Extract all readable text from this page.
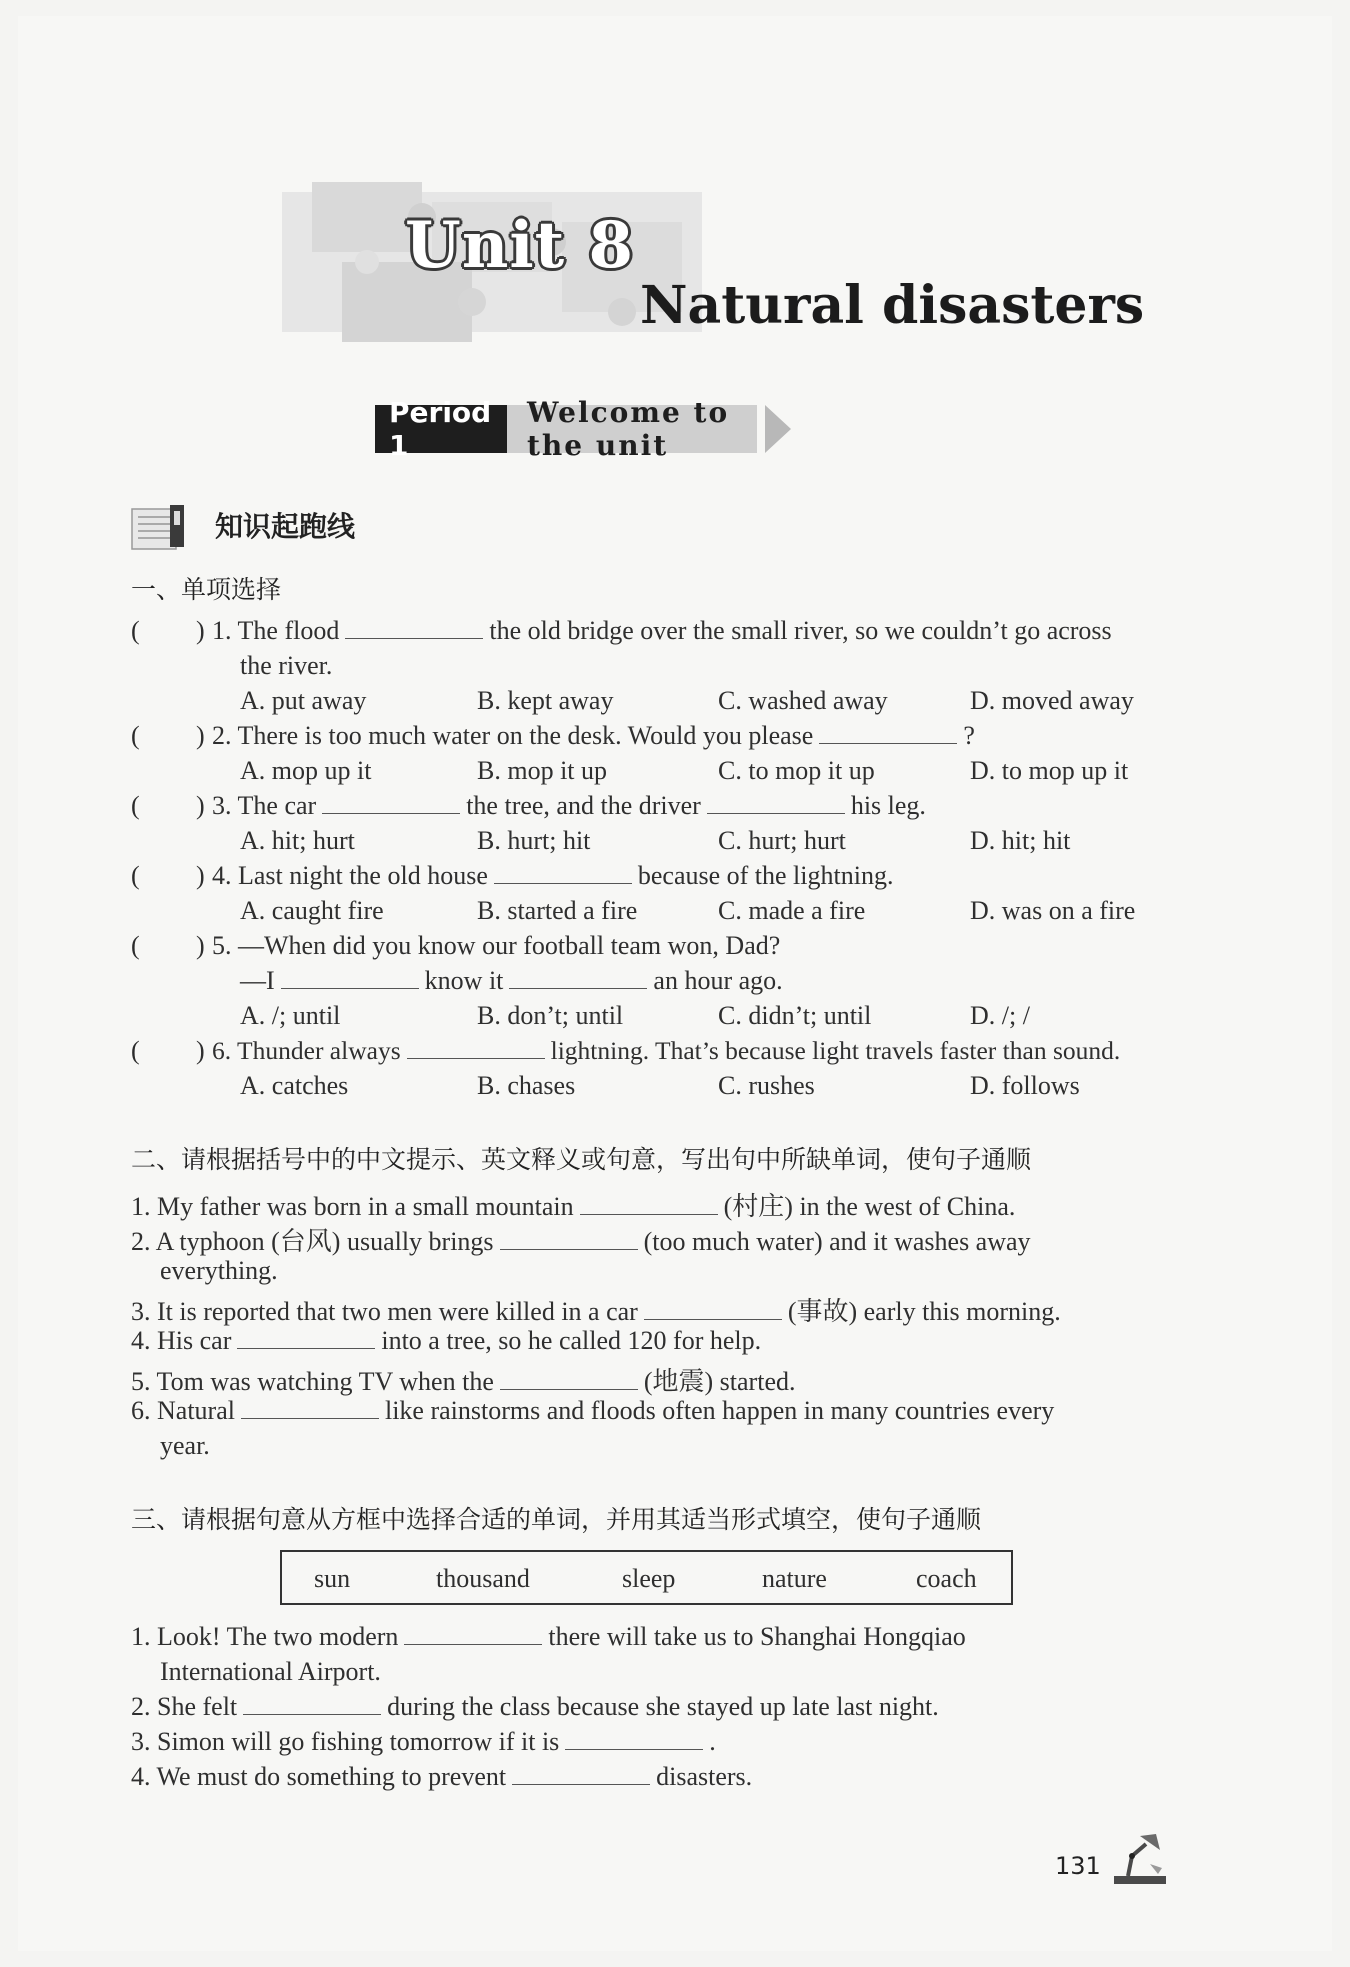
Unit 8
Natural disasters
Period 1
Welcome to the unit
知识起跑线
一、单项选择
( ) 1. The flood	the old bridge over the small river, so we couldn’t go across
the river.
A. put away	B. kept away	C. washed away	D. moved away
( ) 2. There is too much water on the desk. Would you please	?
A. mop up it	B. mop it up	C. to mop it up	D. to mop up it
( ) 3. The car	the tree, and the driver	his leg.
A. hit; hurt	B. hurt; hit	C. hurt; hurt	D. hit; hit
( ) 4. Last night the old house	because of the lightning.
A. caught fire	B. started a fire	C. made a fire	D. was on a fire
( ) 5. —When did you know our football team won, Dad?
—I	know it	an hour ago.
A. /; until	B. don’t; until	C. didn’t; until	D. /; /
( ) 6. Thunder always	lightning. That’s because light travels faster than sound.
A. catches	B. chases	C. rushes	D. follows
二、请根据括号中的中文提示、英文释义或句意，写出句中所缺单词，使句子通顺
1. My father was born in a small mountain	(村庄) in the west of China.
2. A typhoon (台风) usually brings	(too much water) and it washes away
everything.
3. It is reported that two men were killed in a car	(事故) early this morning.
4. His car	into a tree, so he called 120 for help.
5. Tom was watching TV when the	(地震) started.
6. Natural	like rainstorms and floods often happen in many countries every
year.
三、请根据句意从方框中选择合适的单词，并用其适当形式填空，使句子通顺
sun	thousand	sleep	nature	coach
1. Look! The two modern	there will take us to Shanghai Hongqiao
International Airport.
2. She felt	during the class because she stayed up late last night.
3. Simon will go fishing tomorrow if it is	.
4. We must do something to prevent	disasters.
131
